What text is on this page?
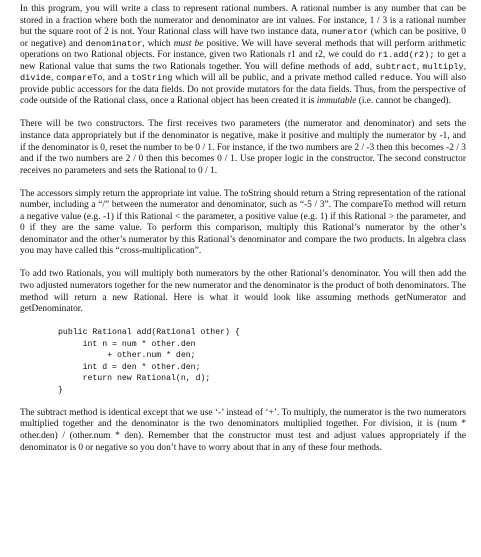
In this program, you will write a class to represent rational numbers. A rational number is any number that can be stored in a fraction where both the numerator and denominator are int values. For instance, 1 / 3 is a rational number but the square root of 2 is not. Your Rational class will have two instance data, numerator (which can be positive, 0 or negative) and denominator, which must be positive. We will have several methods that will perform arithmetic operations on two Rational objects. For instance, given two Rationals r1 and r2, we could do r1.add(r2); to get a new Rational value that sums the two Rationals together. You will define methods of add, subtract, multiply, divide, compareTo, and a toString which will all be public, and a private method called reduce. You will also provide public accessors for the data fields. Do not provide mutators for the data fields. Thus, from the perspective of code outside of the Rational class, once a Rational object has been created it is immutable (i.e. cannot be changed).

There will be two constructors. The first receives two parameters (the numerator and denominator) and sets the instance data appropriately but if the denominator is negative, make it positive and multiply the numerator by -1, and if the denominator is 0, reset the number to be 0 / 1. For instance, if the two numbers are 2 / -3 then this becomes -2 / 3 and if the two numbers are 2 / 0 then this becomes 0 / 1. Use proper logic in the constructor. The second constructor receives no parameters and sets the Rational to 0 / 1.

The accessors simply return the appropriate int value. The toString should return a String representation of the rational number, including a “/” between the numerator and denominator, such as “-5 / 3”. The compareTo method will return a negative value (e.g. -1) if this Rational < the parameter, a positive value (e.g. 1) if this Rational > the parameter, and 0 if they are the same value. To perform this comparison, multiply this Rational’s numerator by the other’s denominator and the other’s numerator by this Rational’s denominator and compare the two products. In algebra class you may have called this “cross-multiplication”.

To add two Rationals, you will multiply both numerators by the other Rational’s denominator. You will then add the two adjusted numerators together for the new numerator and the denominator is the product of both denominators. The method will return a new Rational. Here is what it would look like assuming methods getNumerator and getDenominator.

public Rational add(Rational other) {
int n = num * other.den
+ other.num * den;
int d = den * other.den;
return new Rational(n, d);
}

The subtract method is identical except that we use ‘-’ instead of ‘+’. To multiply, the numerator is the two numerators multiplied together and the denominator is the two denominators multiplied together. For division, it is (num * other.den) / (other.num * den). Remember that the constructor must test and adjust values appropriately if the denominator is 0 or negative so you don’t have to worry about that in any of these four methods.
